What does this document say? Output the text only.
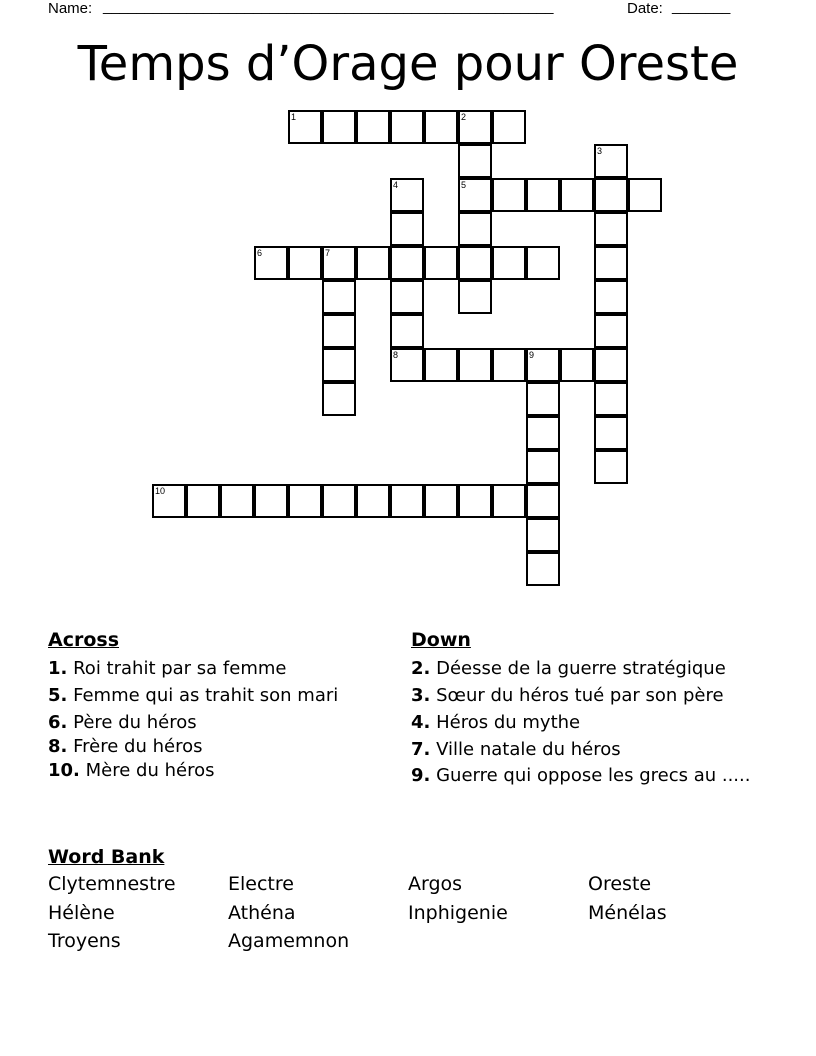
Name: ______________________________________________________	Date: _______
Temps d’Orage pour Oreste
1	2
5
3
4
8
6	7
9
10
Across
1. Roi trahit par sa femme
5. Femme qui as trahit son mari
6. Père du héros
8. Frère du héros
10. Mère du héros
Down
2. Déesse de la guerre stratégique
3. Sœur du héros tué par son père
4. Héros du mythe
7. Ville natale du héros
9. Guerre qui oppose les grecs au .....
Word Bank
Clytemnestre	Electre	Argos	Oreste
Hélène	Athéna	Inphigenie	Ménélas
Troyens	Agamemnon
